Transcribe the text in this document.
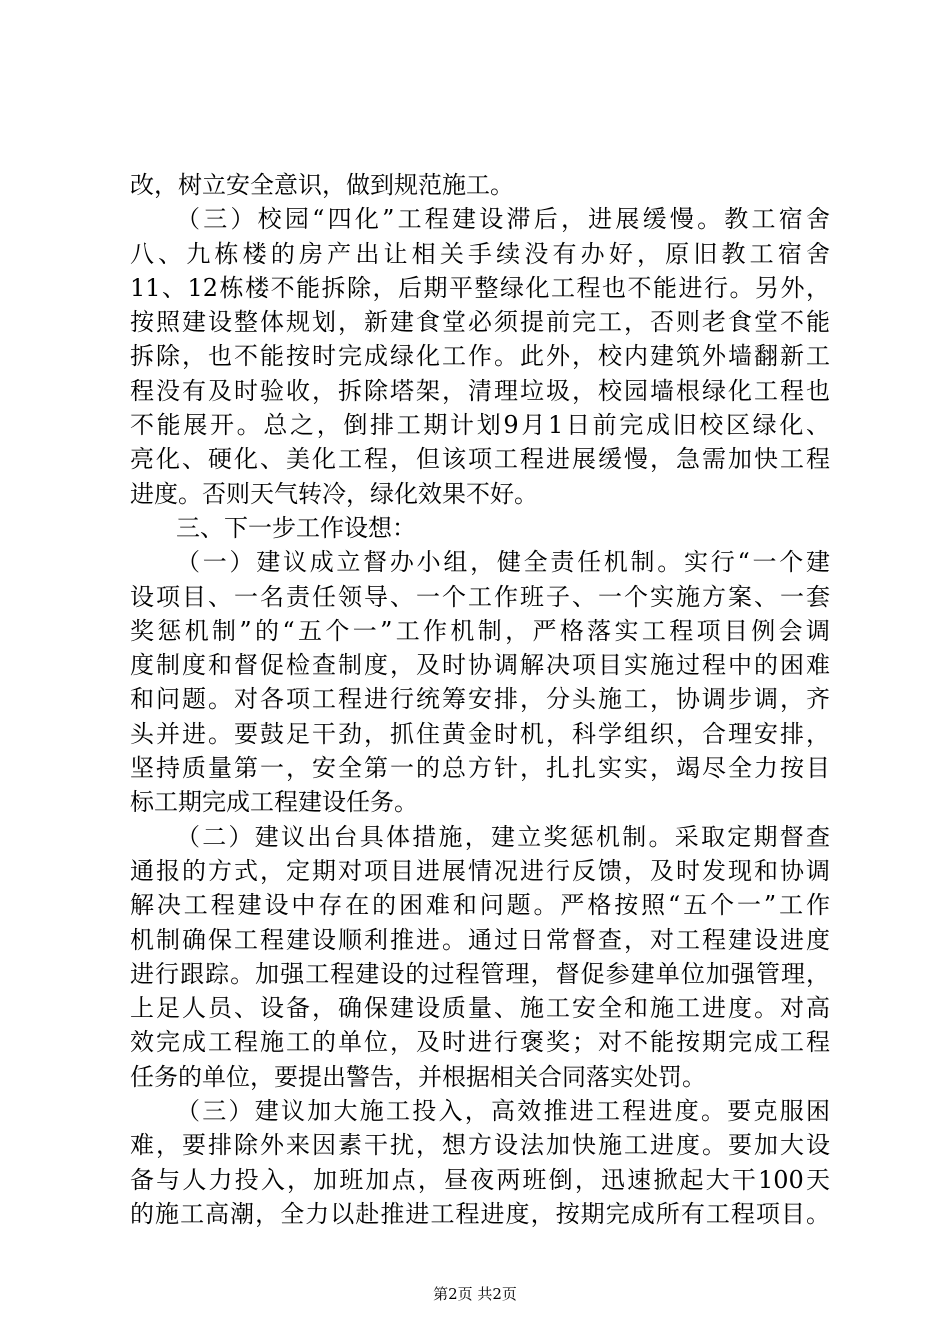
改，树立安全意识，做到规范施工。
（三）校园“四化”工程建设滞后，进展缓慢。教工宿舍
八、九栋楼的房产出让相关手续没有办好，原旧教工宿舍
11、12栋楼不能拆除，后期平整绿化工程也不能进行。另外，
按照建设整体规划，新建食堂必须提前完工，否则老食堂不能
拆除，也不能按时完成绿化工作。此外，校内建筑外墙翻新工
程没有及时验收，拆除塔架，清理垃圾，校园墙根绿化工程也
不能展开。总之，倒排工期计划9月1日前完成旧校区绿化、
亮化、硬化、美化工程，但该项工程进展缓慢，急需加快工程
进度。否则天气转冷，绿化效果不好。
三、下一步工作设想：
（一）建议成立督办小组，健全责任机制。实行“一个建
设项目、一名责任领导、一个工作班子、一个实施方案、一套
奖惩机制”的“五个一”工作机制，严格落实工程项目例会调
度制度和督促检查制度，及时协调解决项目实施过程中的困难
和问题。对各项工程进行统筹安排，分头施工，协调步调，齐
头并进。要鼓足干劲，抓住黄金时机，科学组织，合理安排，
坚持质量第一，安全第一的总方针，扎扎实实，竭尽全力按目
标工期完成工程建设任务。
（二）建议出台具体措施，建立奖惩机制。采取定期督查
通报的方式，定期对项目进展情况进行反馈，及时发现和协调
解决工程建设中存在的困难和问题。严格按照“五个一”工作
机制确保工程建设顺利推进。通过日常督查，对工程建设进度
进行跟踪。加强工程建设的过程管理，督促参建单位加强管理，
上足人员、设备，确保建设质量、施工安全和施工进度。对高
效完成工程施工的单位，及时进行褒奖；对不能按期完成工程
任务的单位，要提出警告，并根据相关合同落实处罚。
（三）建议加大施工投入，高效推进工程进度。要克服困
难，要排除外来因素干扰，想方设法加快施工进度。要加大设
备与人力投入，加班加点，昼夜两班倒，迅速掀起大干100天
的施工高潮，全力以赴推进工程进度，按期完成所有工程项目。
第2页 共2页
